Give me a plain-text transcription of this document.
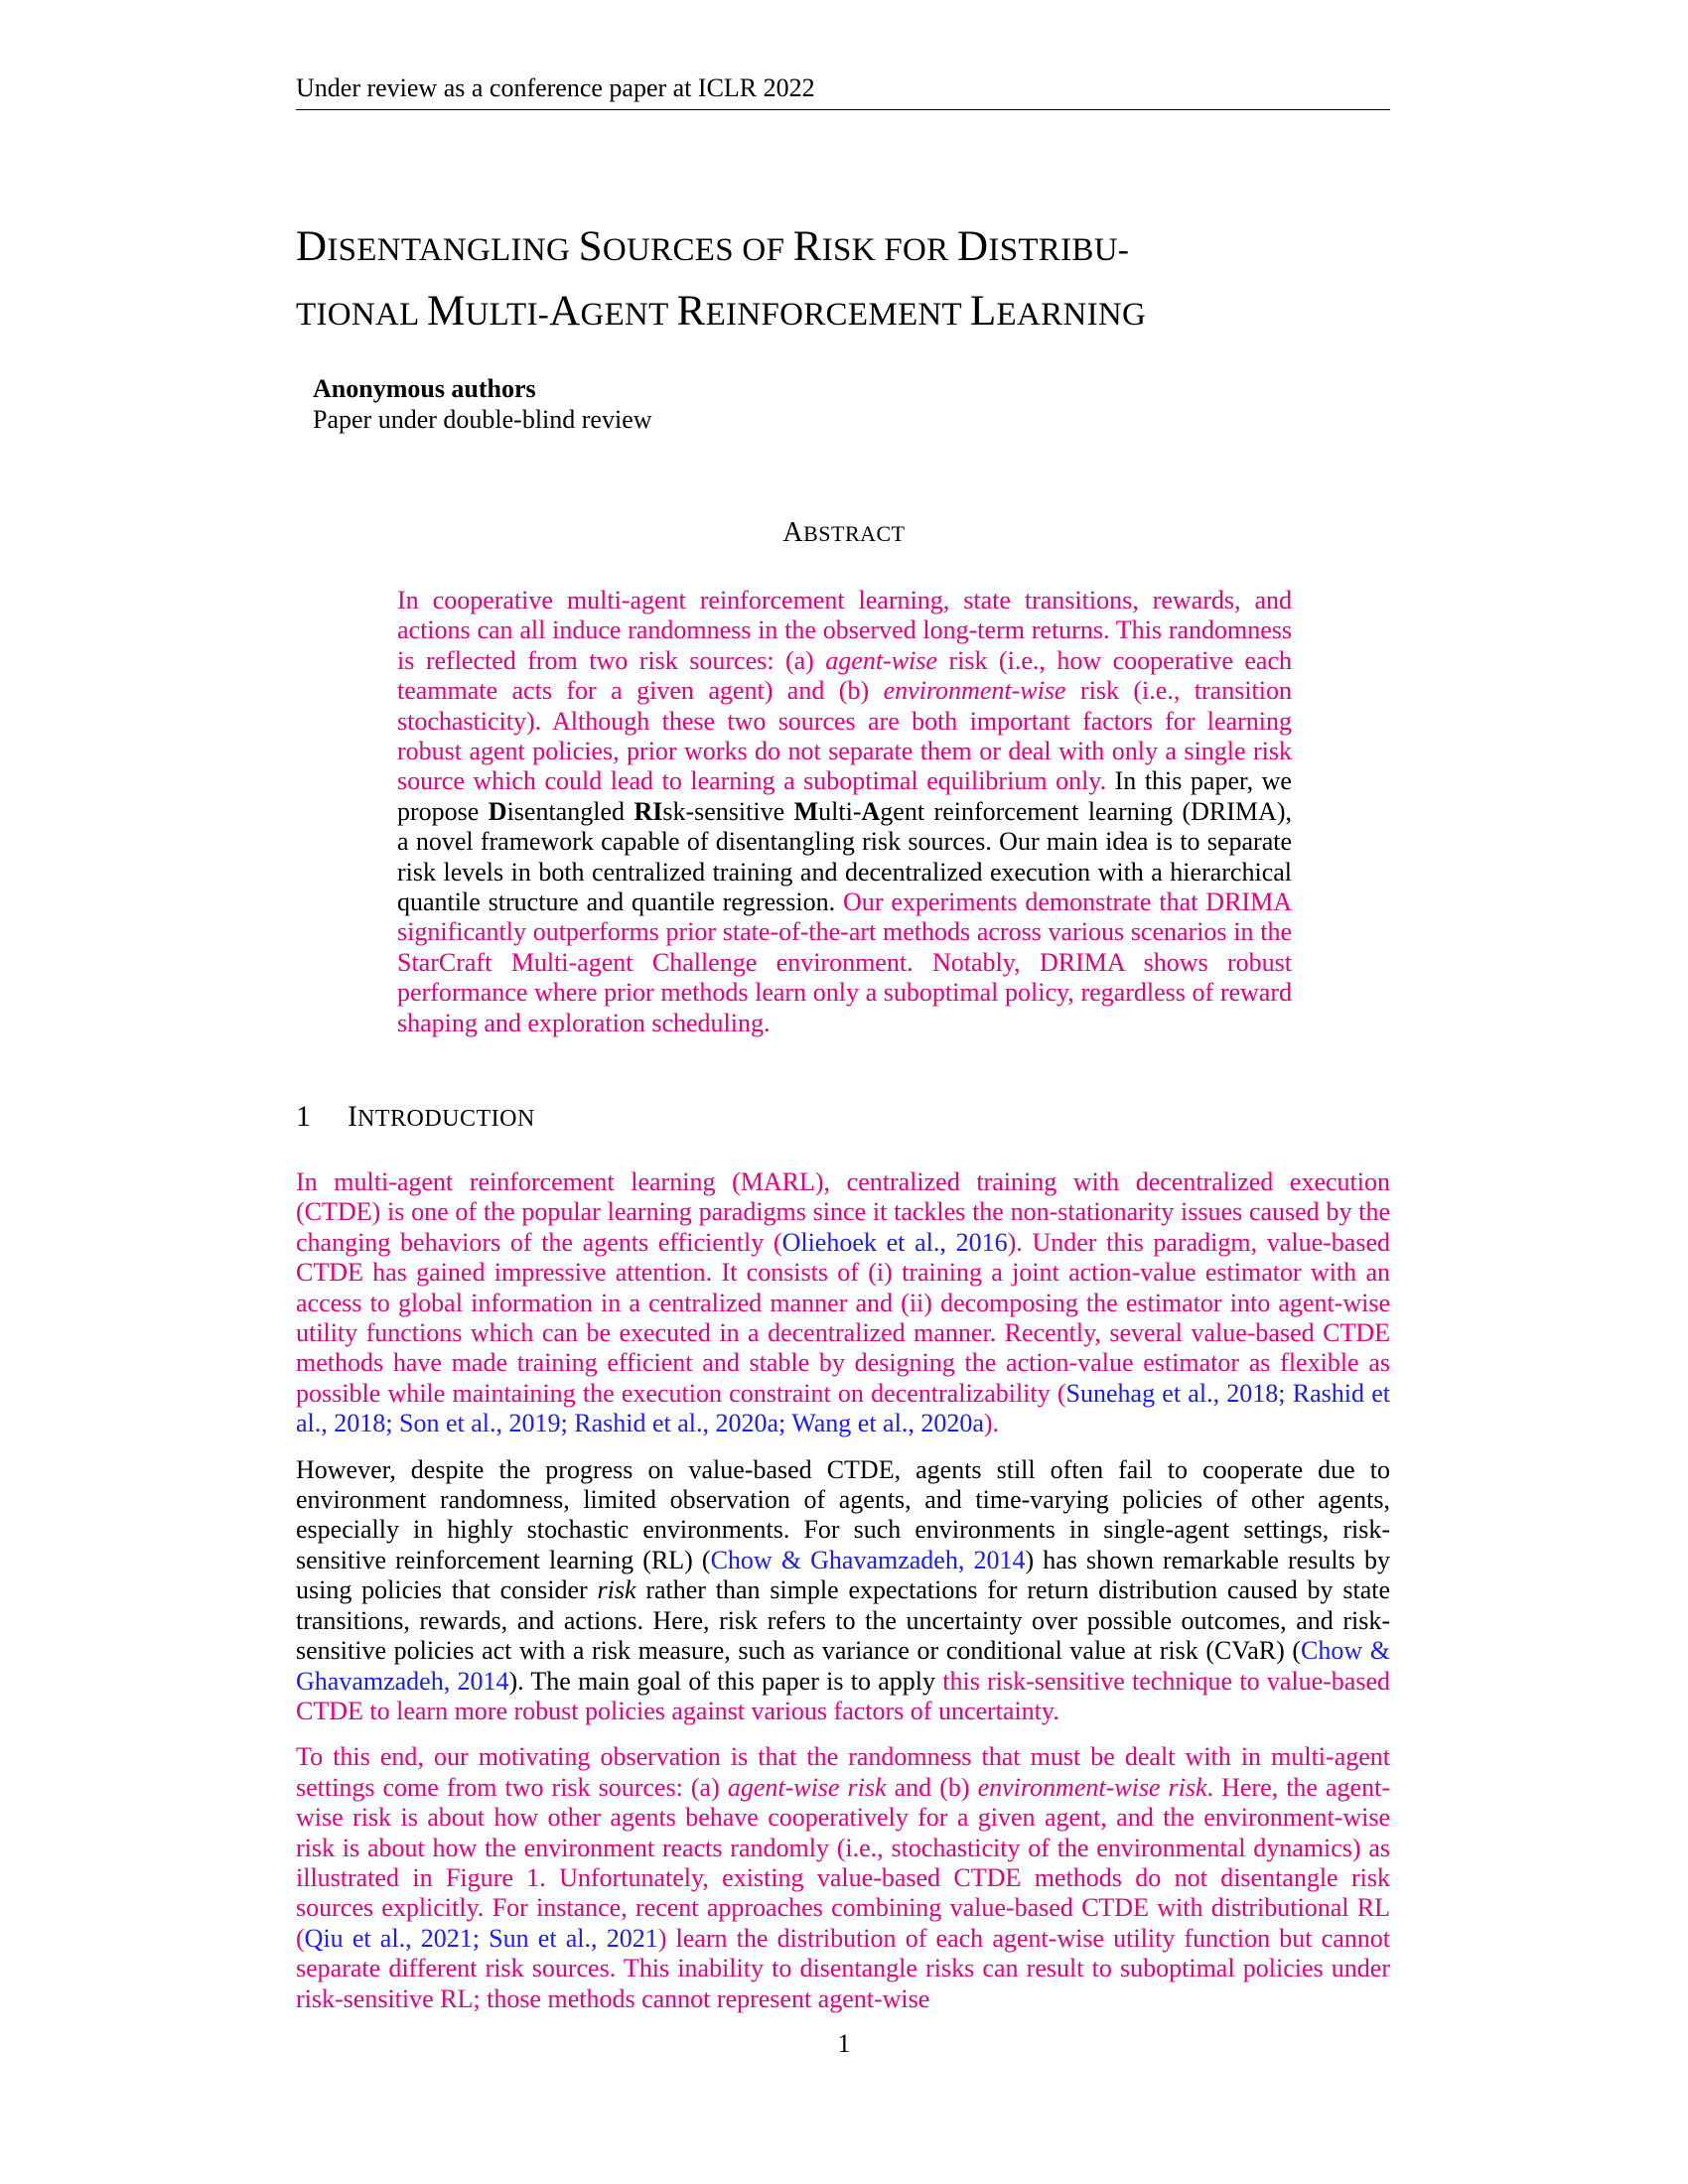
Under review as a conference paper at ICLR 2022
DISENTANGLING SOURCES OF RISK FOR DISTRIBU-
TIONAL MULTI-AGENT REINFORCEMENT LEARNING
Anonymous authors
Paper under double-blind review
ABSTRACT
In cooperative multi-agent reinforcement learning, state transitions, rewards, and actions can all induce randomness in the observed long-term returns. This randomness is reflected from two risk sources: (a) agent-wise risk (i.e., how cooperative each teammate acts for a given agent) and (b) environment-wise risk (i.e., transition stochasticity). Although these two sources are both important factors for learning robust agent policies, prior works do not separate them or deal with only a single risk source which could lead to learning a suboptimal equilibrium only. In this paper, we propose Disentangled RIsk-sensitive Multi-Agent reinforcement learning (DRIMA), a novel framework capable of disentangling risk sources. Our main idea is to separate risk levels in both centralized training and decentralized execution with a hierarchical quantile structure and quantile regression. Our experiments demonstrate that DRIMA significantly outperforms prior state-of-the-art methods across various scenarios in the StarCraft Multi-agent Challenge environment. Notably, DRIMA shows robust performance where prior methods learn only a suboptimal policy, regardless of reward shaping and exploration scheduling.
1 INTRODUCTION

In multi-agent reinforcement learning (MARL), centralized training with decentralized execution (CTDE) is one of the popular learning paradigms since it tackles the non-stationarity issues caused by the changing behaviors of the agents efficiently (Oliehoek et al., 2016). Under this paradigm, value-based CTDE has gained impressive attention. It consists of (i) training a joint action-value estimator with an access to global information in a centralized manner and (ii) decomposing the estimator into agent-wise utility functions which can be executed in a decentralized manner. Recently, several value-based CTDE methods have made training efficient and stable by designing the action-value estimator as flexible as possible while maintaining the execution constraint on decentralizability (Sunehag et al., 2018; Rashid et al., 2018; Son et al., 2019; Rashid et al., 2020a; Wang et al., 2020a).

However, despite the progress on value-based CTDE, agents still often fail to cooperate due to environment randomness, limited observation of agents, and time-varying policies of other agents, especially in highly stochastic environments. For such environments in single-agent settings, risk-sensitive reinforcement learning (RL) (Chow & Ghavamzadeh, 2014) has shown remarkable results by using policies that consider risk rather than simple expectations for return distribution caused by state transitions, rewards, and actions. Here, risk refers to the uncertainty over possible outcomes, and risk-sensitive policies act with a risk measure, such as variance or conditional value at risk (CVaR) (Chow & Ghavamzadeh, 2014). The main goal of this paper is to apply this risk-sensitive technique to value-based CTDE to learn more robust policies against various factors of uncertainty.

To this end, our motivating observation is that the randomness that must be dealt with in multi-agent settings come from two risk sources: (a) agent-wise risk and (b) environment-wise risk. Here, the agent-wise risk is about how other agents behave cooperatively for a given agent, and the environment-wise risk is about how the environment reacts randomly (i.e., stochasticity of the environmental dynamics) as illustrated in Figure 1. Unfortunately, existing value-based CTDE methods do not disentangle risk sources explicitly. For instance, recent approaches combining value-based CTDE with distributional RL (Qiu et al., 2021; Sun et al., 2021) learn the distribution of each agent-wise utility function but cannot separate different risk sources. This inability to disentangle risks can result to suboptimal policies under risk-sensitive RL; those methods cannot represent agent-wise

1
